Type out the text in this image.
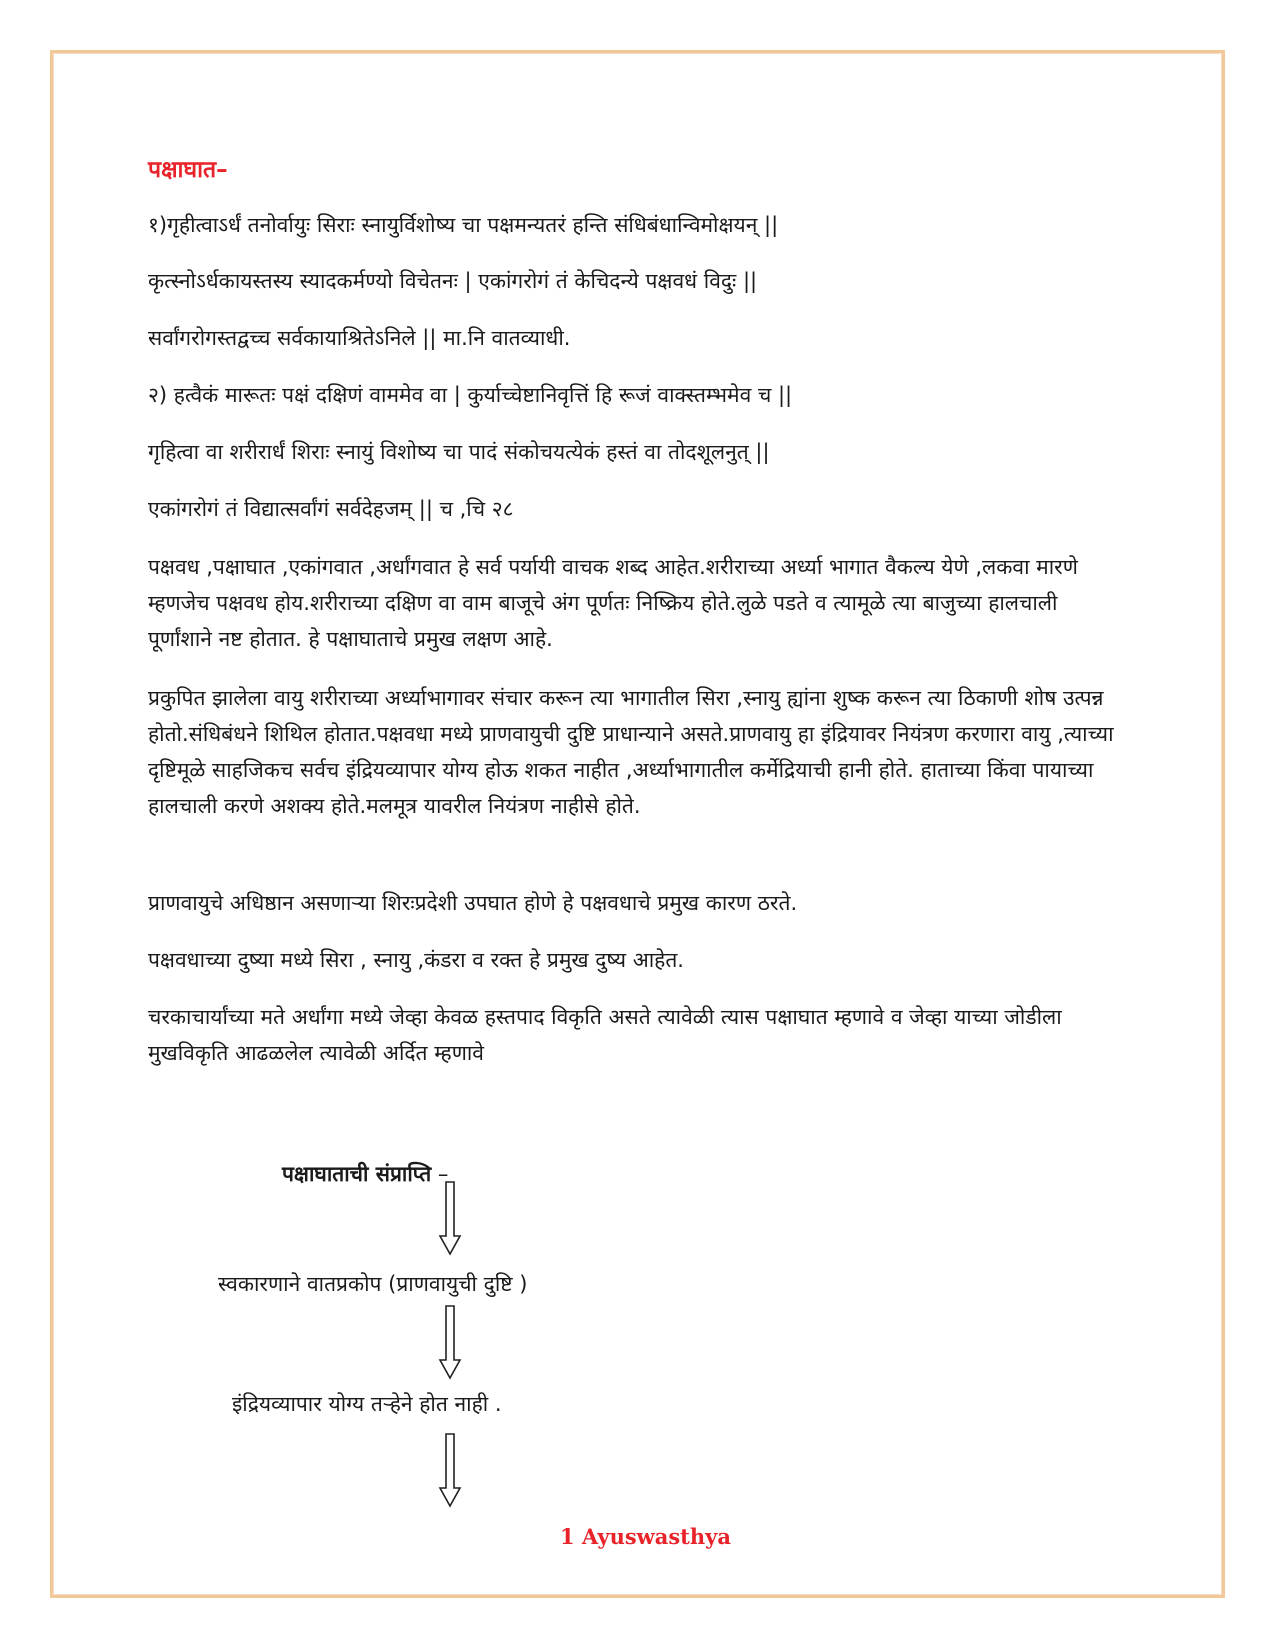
पक्षाघात–
१)गृहीत्वाऽर्धं तनोर्वायुः सिराः स्नायुर्विशोष्य चा पक्षमन्यतरं हन्ति संधिबंधान्विमोक्षयन् ||
कृत्स्नोऽर्धकायस्तस्य स्यादकर्मण्यो विचेतनः | एकांगरोगं तं केचिदन्ये पक्षवधं विदुः ||
सर्वांगरोगस्तद्वच्च सर्वकायाश्रितेऽनिले || मा.नि वातव्याधी.
२) हत्वैकं मारूतः पक्षं दक्षिणं वाममेव वा | कुर्याच्चेष्टानिवृत्तिं हि रूजं वाक्स्तम्भमेव च ||
गृहित्वा वा शरीरार्धं शिराः स्नायुं विशोष्य चा पादं संकोचयत्येकं हस्तं वा तोदशूलनुत् ||
एकांगरोगं तं विद्यात्सर्वांगं सर्वदेहजम् || च ,चि २८
पक्षवध ,पक्षाघात ,एकांगवात ,अर्धांगवात हे सर्व पर्यायी वाचक शब्द आहेत.शरीराच्या अर्ध्या भागात वैकल्य येणे ,लकवा मारणे म्हणजेच पक्षवध होय.शरीराच्या दक्षिण वा वाम बाजूचे अंग पूर्णतः निष्क्रिय होते.लुळे पडते व त्यामूळे त्या बाजुच्या हालचाली पूर्णांशाने नष्ट होतात. हे पक्षाघाताचे प्रमुख लक्षण आहे.
प्रकुपित झालेला वायु शरीराच्या अर्ध्याभागावर संचार करून त्या भागातील सिरा ,स्नायु ह्यांना शुष्क करून त्या ठिकाणी शोष उत्पन्न होतो.संधिबंधने शिथिल होतात.पक्षवधा मध्ये प्राणवायुची दुष्टि प्राधान्याने असते.प्राणवायु हा इंद्रियावर नियंत्रण करणारा वायु ,त्याच्या दृष्टिमूळे साहजिकच सर्वच इंद्रियव्यापार योग्य होऊ शकत नाहीत ,अर्ध्याभागातील कर्मेद्रियाची हानी होते. हाताच्या किंवा पायाच्या हालचाली करणे अशक्य होते.मलमूत्र यावरील नियंत्रण नाहीसे होते.
प्राणवायुचे अधिष्ठान असणाऱ्या शिरःप्रदेशी उपघात होणे हे पक्षवधाचे प्रमुख कारण ठरते.
पक्षवधाच्या दुष्या मध्ये सिरा , स्नायु ,कंडरा व रक्त हे प्रमुख दुष्य आहेत.
चरकाचार्यांच्या मते अर्धांगा मध्ये जेव्हा केवळ हस्तपाद विकृति असते त्यावेळी त्यास पक्षाघात म्हणावे व जेव्हा याच्या जोडीला मुखविकृति आढळलेल त्यावेळी अर्दित म्हणावे
पक्षाघाताची संप्राप्ति –
स्वकारणाने वातप्रकोप (प्राणवायुची दुष्टि )
इंद्रियव्यापार योग्य तऱ्हेने होत नाही .
1 Ayuswasthya
